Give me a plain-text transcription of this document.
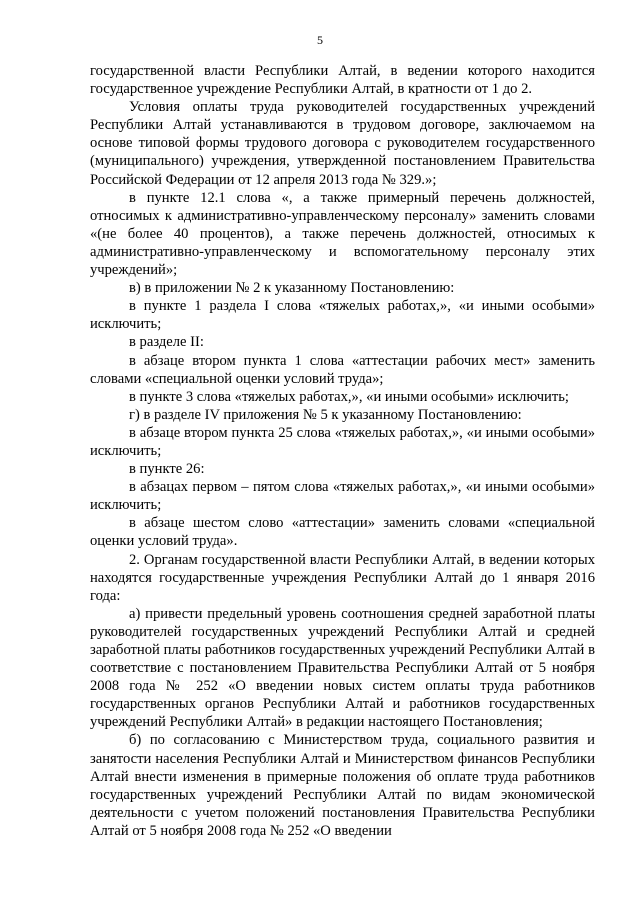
5

государственной власти Республики Алтай, в ведении которого находится государственное учреждение Республики Алтай, в кратности от 1 до 2.

Условия оплаты труда руководителей государственных учреждений Республики Алтай устанавливаются в трудовом договоре, заключаемом на основе типовой формы трудового договора с руководителем государственного (муниципального) учреждения, утвержденной постановлением Правительства Российской Федерации от 12 апреля 2013 года № 329.»;

в пункте 12.1 слова «, а также примерный перечень должностей, относимых к административно-управленческому персоналу» заменить словами «(не более 40 процентов), а также перечень должностей, относимых к административно-управленческому и вспомогательному персоналу этих учреждений»;

в) в приложении № 2 к указанному Постановлению:

в пункте 1 раздела I слова «тяжелых работах,», «и иными особыми» исключить;

в разделе II:

в абзаце втором пункта 1 слова «аттестации рабочих мест» заменить словами «специальной оценки условий труда»;

в пункте 3 слова «тяжелых работах,», «и иными особыми» исключить;

г) в разделе IV приложения № 5 к указанному Постановлению:

в абзаце втором пункта 25 слова «тяжелых работах,», «и иными особыми» исключить;

в пункте 26:

в абзацах первом – пятом слова «тяжелых работах,», «и иными особыми» исключить;

в абзаце шестом слово «аттестации» заменить словами «специальной оценки условий труда».

2. Органам государственной власти Республики Алтай, в ведении которых находятся государственные учреждения Республики Алтай до 1 января 2016 года:

а) привести предельный уровень соотношения средней заработной платы руководителей государственных учреждений Республики Алтай и средней заработной платы работников государственных учреждений Республики Алтай в соответствие с постановлением Правительства Республики Алтай от 5 ноября 2008 года № 252 «О введении новых систем оплаты труда работников государственных органов Республики Алтай и работников государственных учреждений Республики Алтай» в редакции настоящего Постановления;

б) по согласованию с Министерством труда, социального развития и занятости населения Республики Алтай и Министерством финансов Республики Алтай внести изменения в примерные положения об оплате труда работников государственных учреждений Республики Алтай по видам экономической деятельности с учетом положений постановления Правительства Республики Алтай от 5 ноября 2008 года № 252 «О введении
